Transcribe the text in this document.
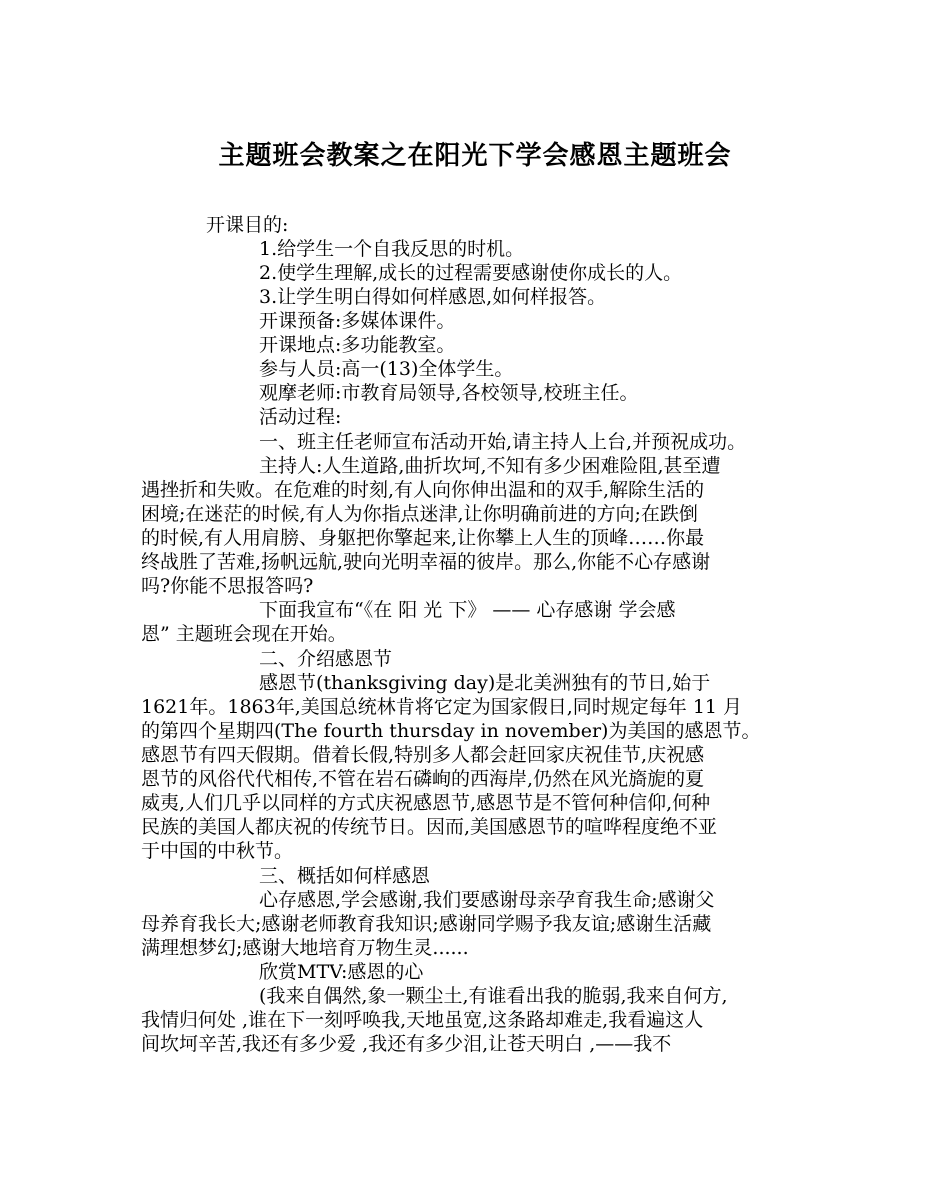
主题班会教案之在阳光下学会感恩主题班会
开课目的:
1.给学生一个自我反思的时机。
2.使学生理解,成长的过程需要感谢使你成长的人。
3.让学生明白得如何样感恩,如何样报答。
开课预备:多媒体课件。
开课地点:多功能教室。
参与人员:高一(13)全体学生。
观摩老师:市教育局领导,各校领导,校班主任。
活动过程:
一、班主任老师宣布活动开始,请主持人上台,并预祝成功。
主持人:人生道路,曲折坎坷,不知有多少困难险阻,甚至遭
遇挫折和失败。在危难的时刻,有人向你伸出温和的双手,解除生活的
困境;在迷茫的时候,有人为你指点迷津,让你明确前进的方向;在跌倒
的时候,有人用肩膀、身躯把你擎起来,让你攀上人生的顶峰……你最
终战胜了苦难,扬帆远航,驶向光明幸福的彼岸。那么,你能不心存感谢
吗?你能不思报答吗?
下面我宣布“《在 阳 光 下》 —— 心存感谢 学会感
恩” 主题班会现在开始。
二、介绍感恩节
感恩节(thanksgiving day)是北美洲独有的节日,始于
1621年。1863年,美国总统林肯将它定为国家假日,同时规定每年 11 月
的第四个星期四(The fourth thursday in november)为美国的感恩节。
感恩节有四天假期。借着长假,特别多人都会赶回家庆祝佳节,庆祝感
恩节的风俗代代相传,不管在岩石磷峋的西海岸,仍然在风光旖旎的夏
威夷,人们几乎以同样的方式庆祝感恩节,感恩节是不管何种信仰,何种
民族的美国人都庆祝的传统节日。因而,美国感恩节的喧哗程度绝不亚
于中国的中秋节。
三、概括如何样感恩
心存感恩,学会感谢,我们要感谢母亲孕育我生命;感谢父
母养育我长大;感谢老师教育我知识;感谢同学赐予我友谊;感谢生活藏
满理想梦幻;感谢大地培育万物生灵......
欣赏MTV:感恩的心
(我来自偶然,象一颗尘土,有谁看出我的脆弱,我来自何方,
我情归何处 ,谁在下一刻呼唤我,天地虽宽,这条路却难走,我看遍这人
间坎坷辛苦,我还有多少爱 ,我还有多少泪,让苍天明白 ,——我不
